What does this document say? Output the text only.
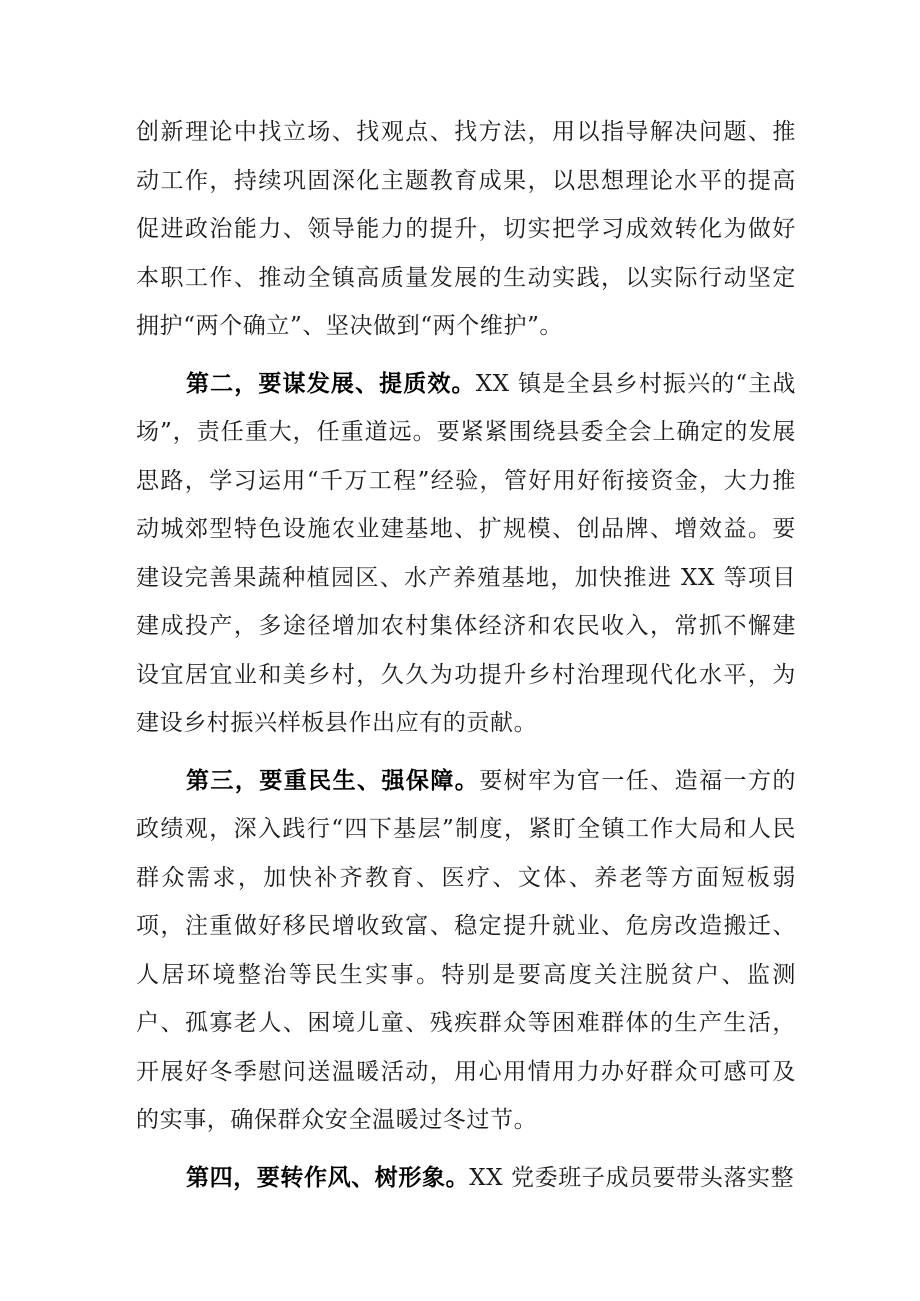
创新理论中找立场、找观点、找方法，用以指导解决问题、推动工作，持续巩固深化主题教育成果，以思想理论水平的提高促进政治能力、领导能力的提升，切实把学习成效转化为做好本职工作、推动全镇高质量发展的生动实践，以实际行动坚定拥护“两个确立”、坚决做到“两个维护”。

第二，要谋发展、提质效。XX 镇是全县乡村振兴的“主战场”，责任重大，任重道远。要紧紧围绕县委全会上确定的发展思路，学习运用“千万工程”经验，管好用好衔接资金，大力推动城郊型特色设施农业建基地、扩规模、创品牌、增效益。要建设完善果蔬种植园区、水产养殖基地，加快推进 XX 等项目建成投产，多途径增加农村集体经济和农民收入，常抓不懈建设宜居宜业和美乡村，久久为功提升乡村治理现代化水平，为建设乡村振兴样板县作出应有的贡献。

第三，要重民生、强保障。要树牢为官一任、造福一方的政绩观，深入践行“四下基层”制度，紧盯全镇工作大局和人民群众需求，加快补齐教育、医疗、文体、养老等方面短板弱项，注重做好移民增收致富、稳定提升就业、危房改造搬迁、人居环境整治等民生实事。特别是要高度关注脱贫户、监测户、孤寡老人、困境儿童、残疾群众等困难群体的生产生活，开展好冬季慰问送温暖活动，用心用情用力办好群众可感可及的实事，确保群众安全温暖过冬过节。

第四，要转作风、树形象。XX 党委班子成员要带头落实整
